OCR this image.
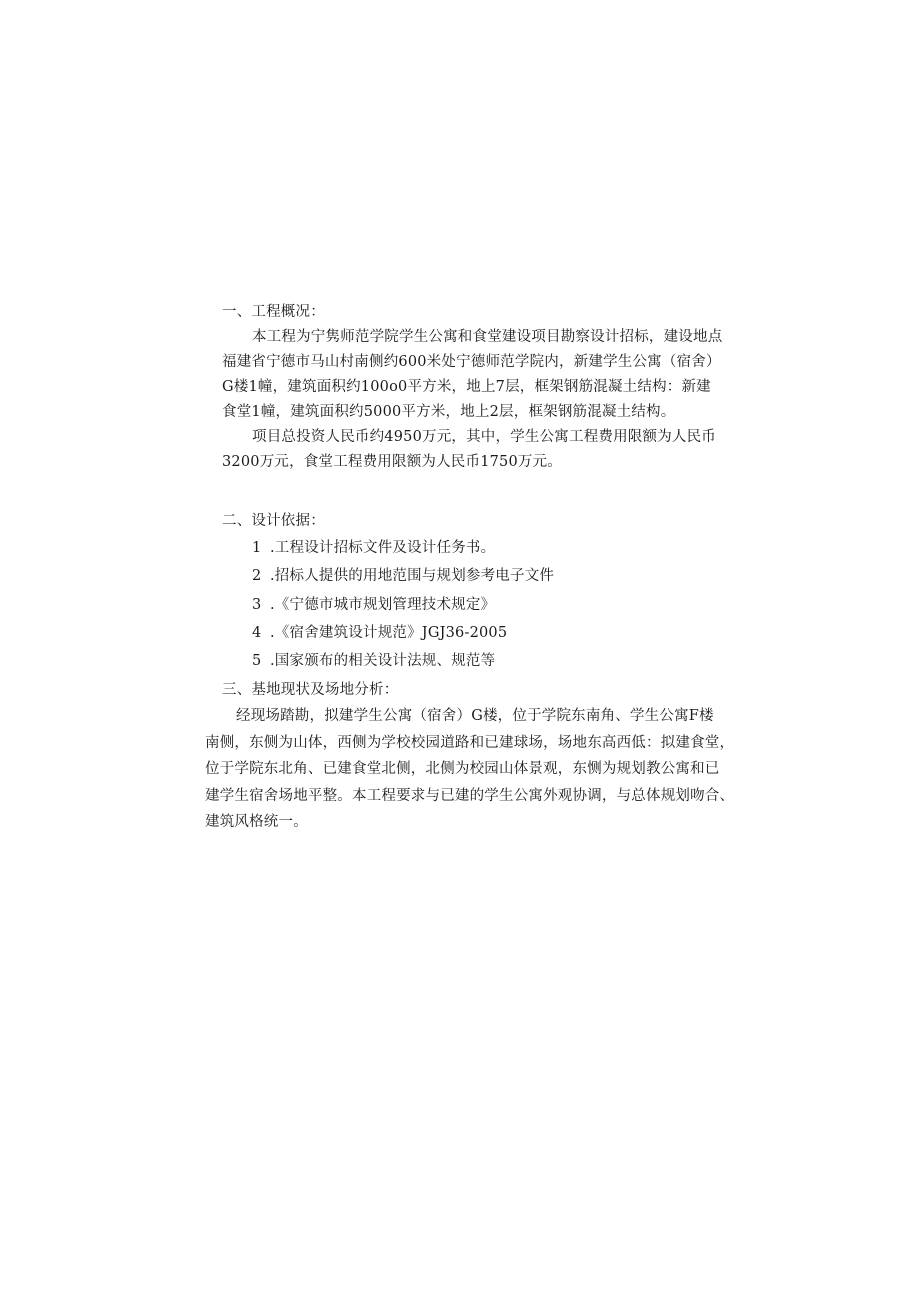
一、工程概况：
本工程为宁隽师范学院学生公寓和食堂建设项目勘察设计招标，建设地点
福建省宁德市马山村南侧约600米处宁德师范学院内，新建学生公寓（宿舍）
G楼1幢，建筑面积约100o0平方米，地上7层，框架钢筋混凝土结构：新建
食堂1幢，建筑面积约5000平方米，地上2层，框架钢筋混凝土结构。
项目总投资人民币约4950万元，其中，学生公寓工程费用限额为人民币
3200万元，食堂工程费用限额为人民币1750万元。
二、设计依据：
1 .工程设计招标文件及设计任务书。
2 .招标人提供的用地范围与规划参考电子文件
3 .《宁德市城市规划管理技术规定》
4 .《宿舍建筑设计规范》JGJ36-2005
5 .国家颁布的相关设计法规、规范等
三、基地现状及场地分析：
经现场踏勘，拟建学生公寓（宿舍）G楼，位于学院东南角、学生公寓F楼
南侧，东侧为山体，西侧为学校校园道路和已建球场，场地东高西低：拟建食堂，
位于学院东北角、已建食堂北侧，北侧为校园山体景观，东恻为规划教公寓和已
建学生宿舍场地平整。本工程要求与已建的学生公寓外观协调，与总体规划吻合、
建筑风格统一。
